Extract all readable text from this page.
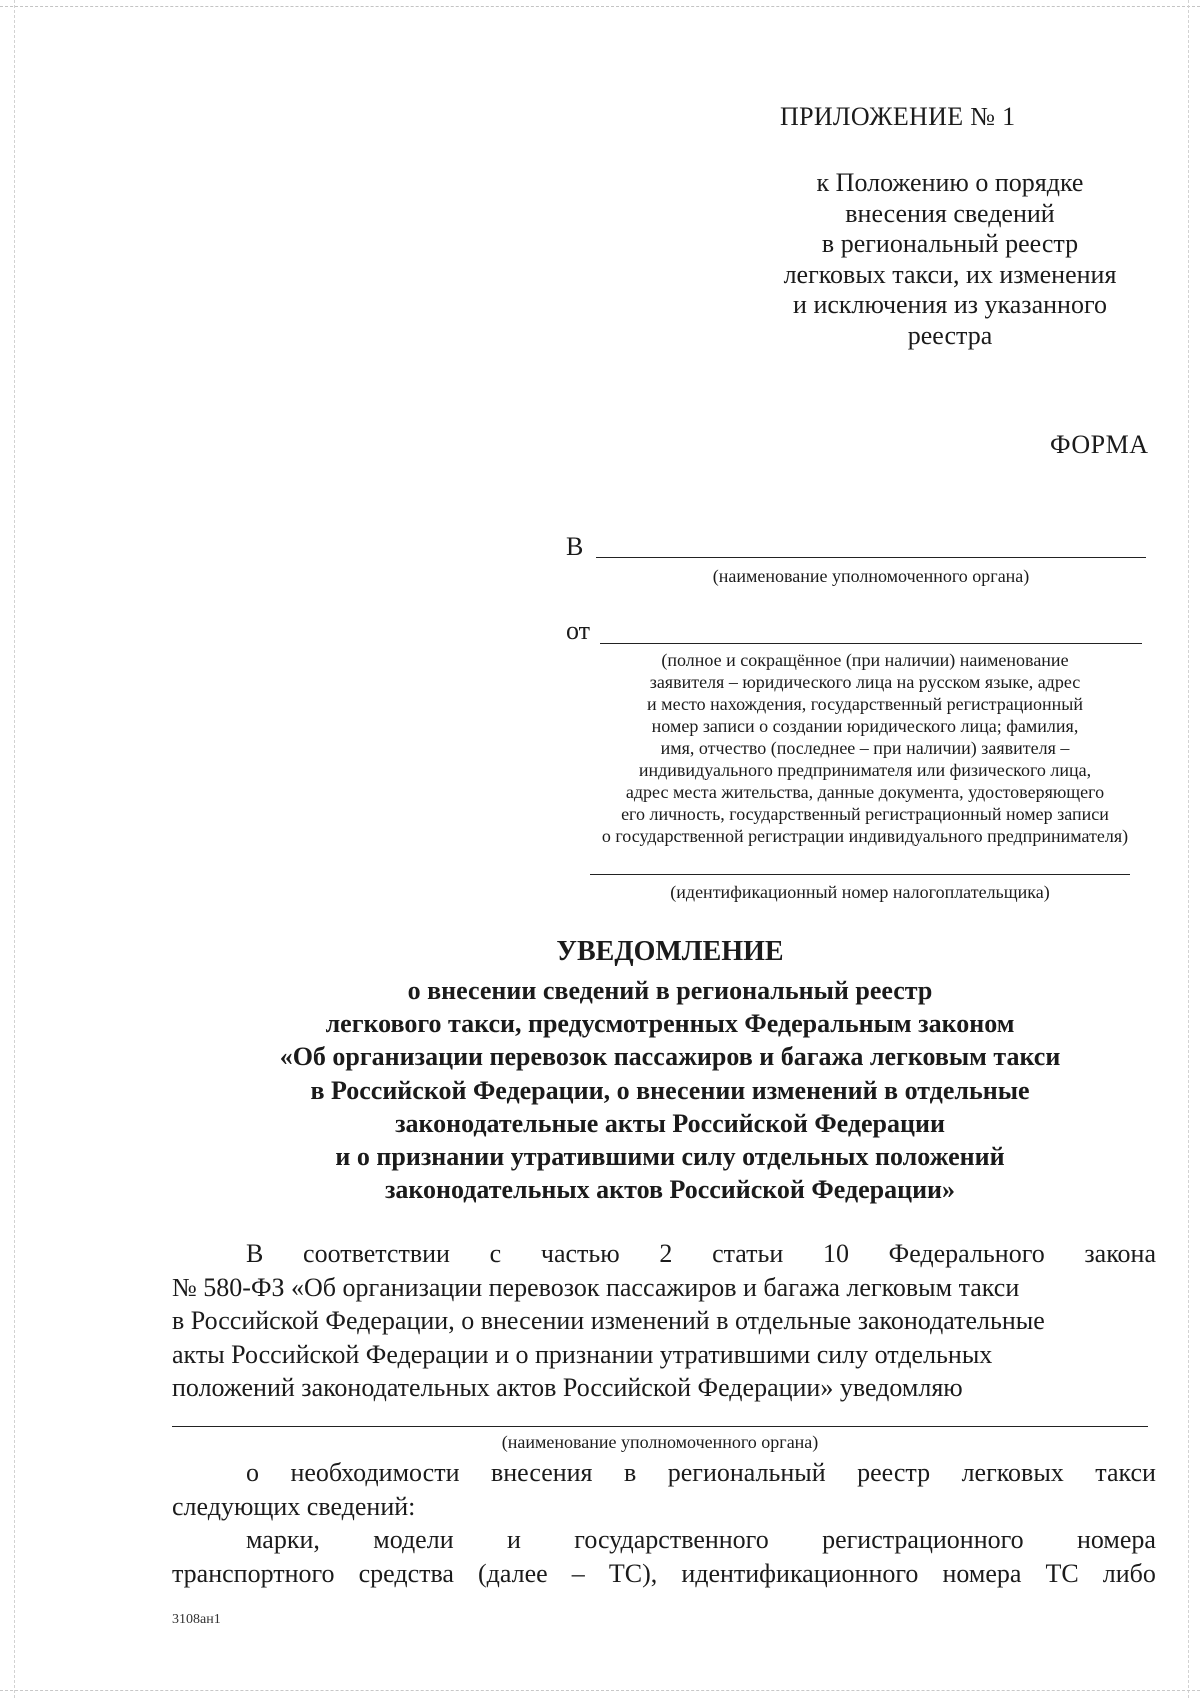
ПРИЛОЖЕНИЕ № 1
к Положению о порядке
внесения сведений
в региональный реестр
легковых такси, их изменения
и исключения из указанного
реестра
ФОРМА
В
(наименование уполномоченного органа)
от
(полное и сокращённое (при наличии) наименование
заявителя – юридического лица на русском языке, адрес
и место нахождения, государственный регистрационный
номер записи о создании юридического лица; фамилия,
имя, отчество (последнее – при наличии) заявителя –
индивидуального предпринимателя или физического лица,
адрес места жительства, данные документа, удостоверяющего
его личность, государственный регистрационный номер записи
о государственной регистрации индивидуального предпринимателя)
(идентификационный номер налогоплательщика)
УВЕДОМЛЕНИЕ
о внесении сведений в региональный реестр
легкового такси, предусмотренных Федеральным законом
«Об организации перевозок пассажиров и багажа легковым такси
в Российской Федерации, о внесении изменений в отдельные
законодательные акты Российской Федерации
и о признании утратившими силу отдельных положений
законодательных актов Российской Федерации»
В соответствии с частью 2 статьи 10 Федерального закона
№ 580-ФЗ «Об организации перевозок пассажиров и багажа легковым такси
в Российской Федерации, о внесении изменений в отдельные законодательные
акты Российской Федерации и о признании утратившими силу отдельных
положений законодательных актов Российской Федерации» уведомляю
(наименование уполномоченного органа)
о необходимости внесения в региональный реестр легковых такси
следующих сведений:
марки, модели и государственного регистрационного номера
транспортного средства (далее – ТС), идентификационного номера ТС либо
3108ан1
